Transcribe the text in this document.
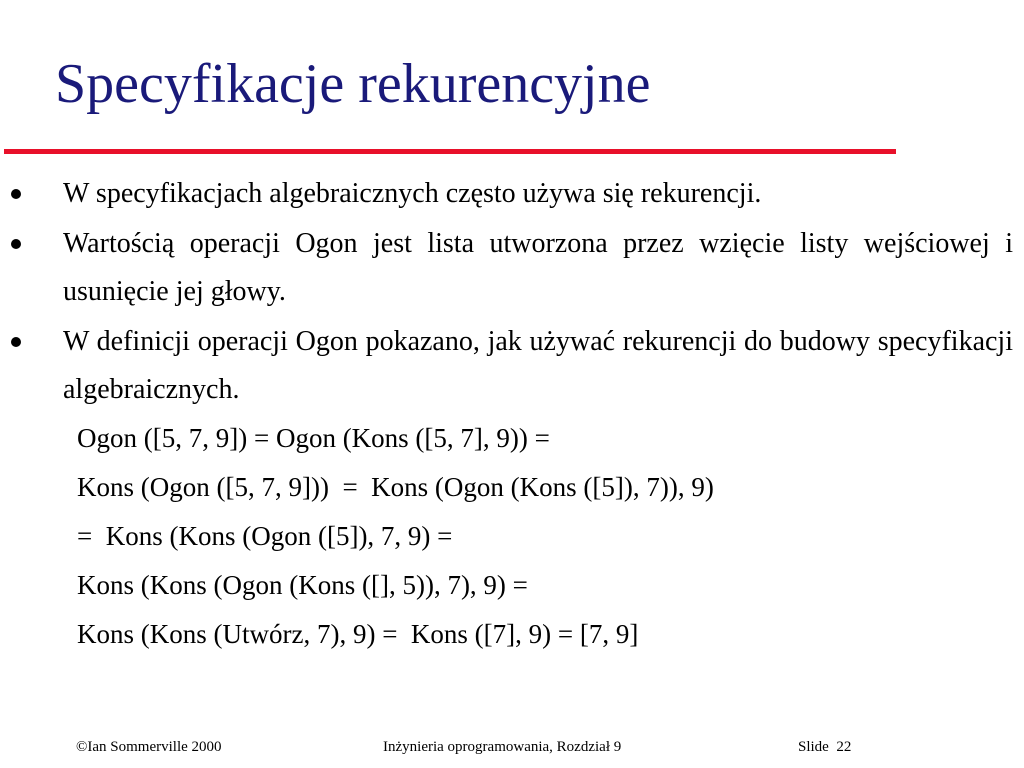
Specyfikacje rekurencyjne
W specyfikacjach algebraicznych często używa się rekurencji.
Wartością operacji Ogon jest lista utworzona przez wzięcie listy wejściowej i usunięcie jej głowy.
W definicji operacji Ogon pokazano, jak używać rekurencji do budowy specyfikacji algebraicznych.
Ogon ([5, 7, 9]) = Ogon (Kons ([5, 7], 9)) =
Kons (Ogon ([5, 7, 9]))  =  Kons (Ogon (Kons ([5]), 7)), 9)
=  Kons (Kons (Ogon ([5]), 7, 9) =
Kons (Kons (Ogon (Kons ([], 5)), 7), 9) =
Kons (Kons (Utwórz, 7), 9) =  Kons ([7], 9) = [7, 9]
©Ian Sommerville 2000	Inżynieria oprogramowania, Rozdział 9	Slide  22
